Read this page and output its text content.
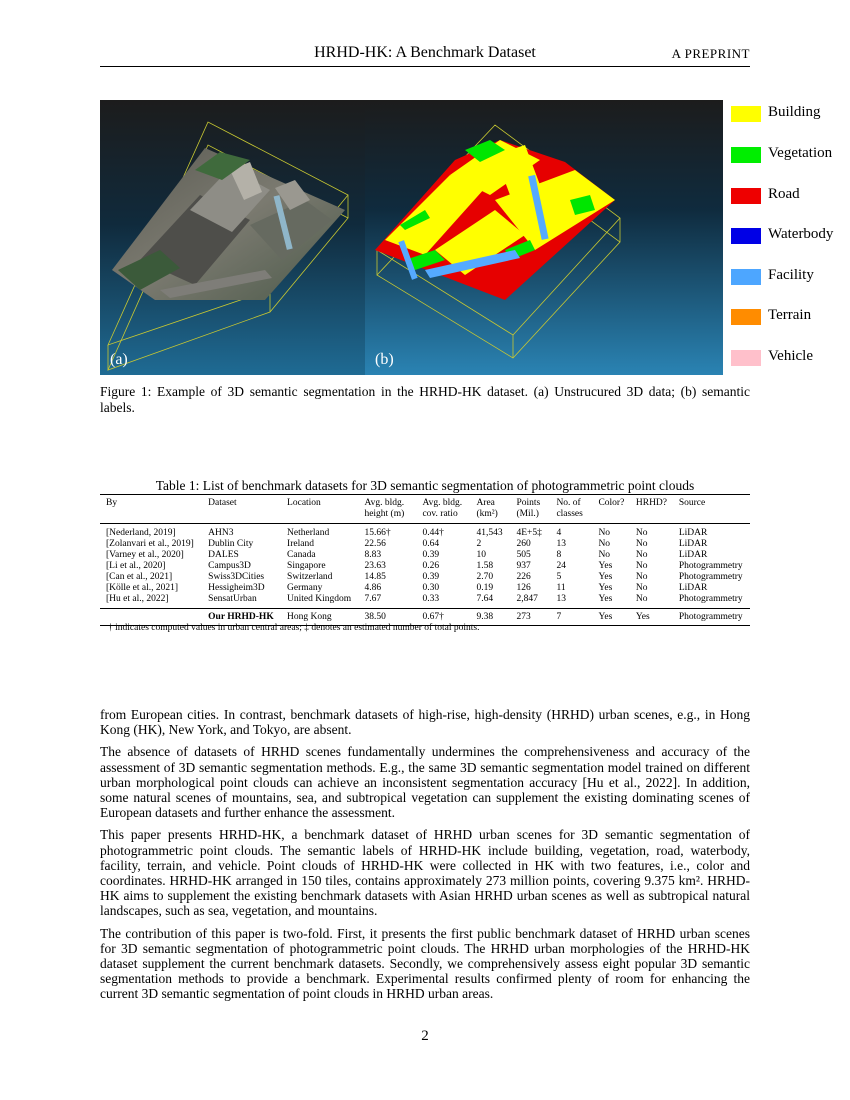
HRHD-HK: A Benchmark Dataset	A PREPRINT
(a)	(b)
Building
Vegetation
Road
Waterbody
Facility
Terrain
Vehicle
Figure 1: Example of 3D semantic segmentation in the HRHD-HK dataset. (a) Unstrucured 3D data; (b) semantic labels.
Table 1: List of benchmark datasets for 3D semantic segmentation of photogrammetric point clouds
By	Dataset	Location	Avg. bldg. height (m)	Avg. bldg. cov. ratio	Area (km²)	Points (Mil.)	No. of classes	Color?	HRHD?	Source
[Nederland, 2019]	AHN3	Netherland	15.66†	0.44†	41,543	4E+5‡	4	No	No	LiDAR
[Zolanvari et al., 2019]	Dublin City	Ireland	22.56	0.64	2	260	13	No	No	LiDAR
[Varney et al., 2020]	DALES	Canada	8.83	0.39	10	505	8	No	No	LiDAR
[Li et al., 2020]	Campus3D	Singapore	23.63	0.26	1.58	937	24	Yes	No	Photogrammetry
[Can et al., 2021]	Swiss3DCities	Switzerland	14.85	0.39	2.70	226	5	Yes	No	Photogrammetry
[Kölle et al., 2021]	Hessigheim3D	Germany	4.86	0.30	0.19	126	11	Yes	No	LiDAR
[Hu et al., 2022]	SensatUrban	United Kingdom	7.67	0.33	7.64	2,847	13	Yes	No	Photogrammetry
	Our HRHD-HK	Hong Kong	38.50	0.67†	9.38	273	7	Yes	Yes	Photogrammetry
† indicates computed values in urban central areas; ‡ denotes an estimated number of total points.

from European cities. In contrast, benchmark datasets of high-rise, high-density (HRHD) urban scenes, e.g., in Hong Kong (HK), New York, and Tokyo, are absent.

The absence of datasets of HRHD scenes fundamentally undermines the comprehensiveness and accuracy of the assessment of 3D semantic segmentation methods. E.g., the same 3D semantic segmentation model trained on different urban morphological point clouds can achieve an inconsistent segmentation accuracy [Hu et al., 2022]. In addition, some natural scenes of mountains, sea, and subtropical vegetation can supplement the existing dominating scenes of European datasets and further enhance the assessment.

This paper presents HRHD-HK, a benchmark dataset of HRHD urban scenes for 3D semantic segmentation of photogrammetric point clouds. The semantic labels of HRHD-HK include building, vegetation, road, waterbody, facility, terrain, and vehicle. Point clouds of HRHD-HK were collected in HK with two features, i.e., color and coordinates. HRHD-HK arranged in 150 tiles, contains approximately 273 million points, covering 9.375 km². HRHD-HK aims to supplement the existing benchmark datasets with Asian HRHD urban scenes as well as subtropical natural landscapes, such as sea, vegetation, and mountains.

The contribution of this paper is two-fold. First, it presents the first public benchmark dataset of HRHD urban scenes for 3D semantic segmentation of photogrammetric point clouds. The HRHD urban morphologies of the HRHD-HK dataset supplement the current benchmark datasets. Secondly, we comprehensively assess eight popular 3D semantic segmentation methods to provide a benchmark. Experimental results confirmed plenty of room for enhancing the current 3D semantic segmentation of point clouds in HRHD urban areas.

2
